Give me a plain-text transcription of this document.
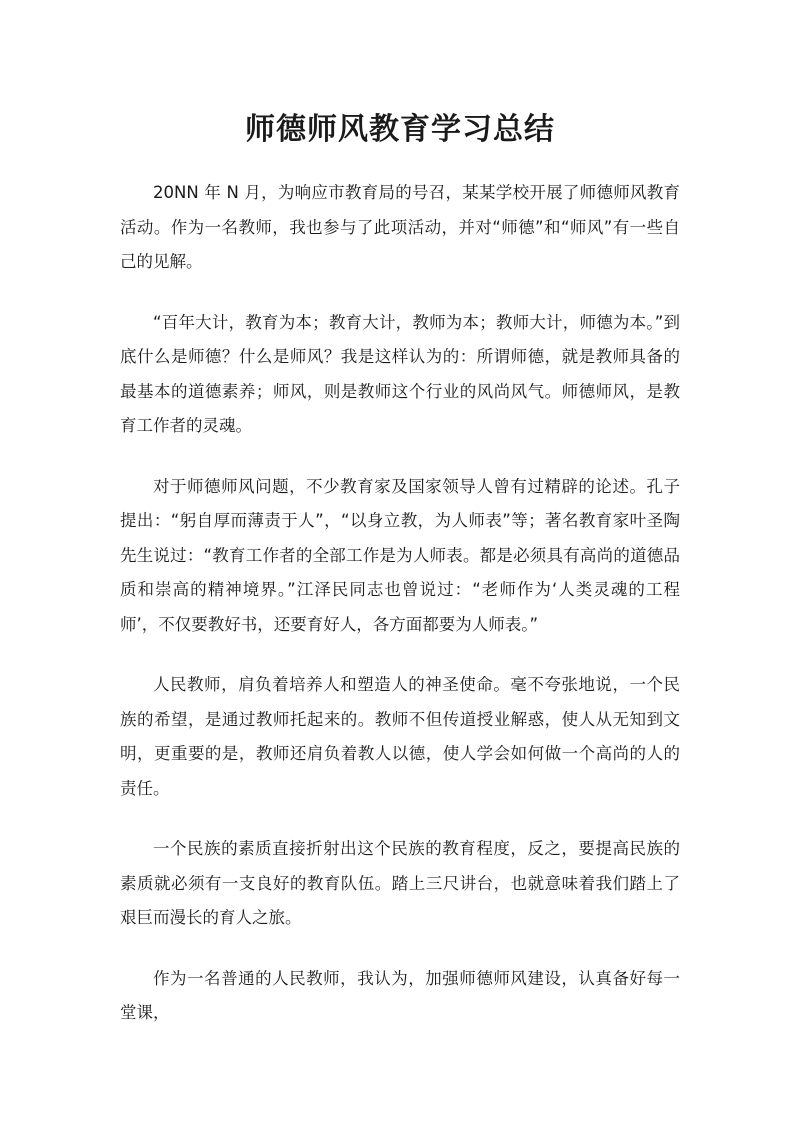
师德师风教育学习总结

20NN 年 N 月，为响应市教育局的号召，某某学校开展了师德师风教育活动。作为一名教师，我也参与了此项活动，并对“师德”和“师风”有一些自己的见解。

“百年大计，教育为本；教育大计，教师为本；教师大计，师德为本。”到底什么是师德？什么是师风？我是这样认为的：所谓师德，就是教师具备的最基本的道德素养；师风，则是教师这个行业的风尚风气。师德师风，是教育工作者的灵魂。

对于师德师风问题，不少教育家及国家领导人曾有过精辟的论述。孔子提出：“躬自厚而薄责于人”，“以身立教，为人师表”等；著名教育家叶圣陶先生说过：“教育工作者的全部工作是为人师表。都是必须具有高尚的道德品质和崇高的精神境界。”江泽民同志也曾说过：“老师作为‘人类灵魂的工程师’，不仅要教好书，还要育好人，各方面都要为人师表。”

人民教师，肩负着培养人和塑造人的神圣使命。毫不夸张地说，一个民族的希望，是通过教师托起来的。教师不但传道授业解惑，使人从无知到文明，更重要的是，教师还肩负着教人以德，使人学会如何做一个高尚的人的责任。

一个民族的素质直接折射出这个民族的教育程度，反之，要提高民族的素质就必须有一支良好的教育队伍。踏上三尺讲台，也就意味着我们踏上了艰巨而漫长的育人之旅。

作为一名普通的人民教师，我认为，加强师德师风建设，认真备好每一堂课，
